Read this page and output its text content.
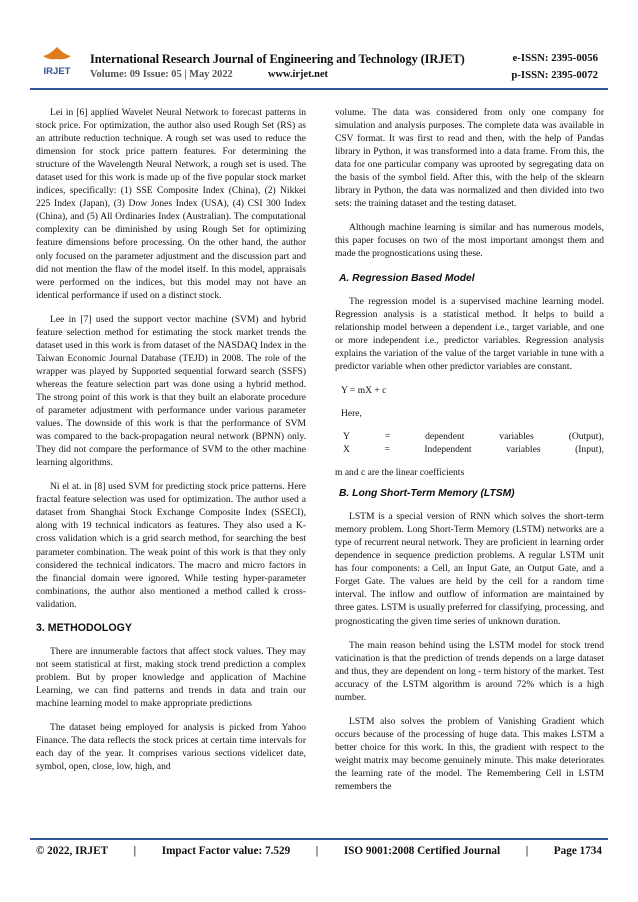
IRJET
International Research Journal of Engineering and Technology (IRJET)
Volume: 09 Issue: 05 | May 2022	www.irjet.net
e-ISSN: 2395-0056
p-ISSN: 2395-0072

Lei in [6] applied Wavelet Neural Network to forecast patterns in stock price. For optimization, the author also used Rough Set (RS) as an attribute reduction technique. A rough set was used to reduce the dimension for stock price pattern features. For determining the structure of the Wavelength Neural Network, a rough set is used. The dataset used for this work is made up of the five popular stock market indices, specifically: (1) SSE Composite Index (China), (2) Nikkei 225 Index (Japan), (3) Dow Jones Index (USA), (4) CSI 300 Index (China), and (5) All Ordinaries Index (Australian). The computational complexity can be diminished by using Rough Set for optimizing feature dimensions before processing. On the other hand, the author only focused on the parameter adjustment and the discussion part and did not mention the flaw of the model itself. In this model, appraisals were performed on the indices, but this model may not have an identical performance if used on a distinct stock.

Lee in [7] used the support vector machine (SVM) and hybrid feature selection method for estimating the stock market trends the dataset used in this work is from dataset of the NASDAQ Index in the Taiwan Economic Journal Database (TEJD) in 2008. The role of the wrapper was played by Supported sequential forward search (SSFS) whereas the feature selection part was done using a hybrid method. The strong point of this work is that they built an elaborate procedure of parameter adjustment with performance under various parameter values. The downside of this work is that the performance of SVM was compared to the back-propagation neural network (BPNN) only. They did not compare the performance of SVM to the other machine learning algorithms.

Ni el at. in [8] used SVM for predicting stock price patterns. Here fractal feature selection was used for optimization. The author used a dataset from Shanghai Stock Exchange Composite Index (SSECI), along with 19 technical indicators as features. They also used a K-cross validation which is a grid search method, for searching the best parameter combination. The weak point of this work is that they only considered the technical indicators. The macro and micro factors in the financial domain were ignored. While testing hyper-parameter combinations, the author also mentioned a method called k cross-validation.

3. METHODOLOGY

There are innumerable factors that affect stock values. They may not seem statistical at first, making stock trend prediction a complex problem. But by proper knowledge and application of Machine Learning, we can find patterns and trends in data and train our machine learning model to make appropriate predictions

The dataset being employed for analysis is picked from Yahoo Finance. The data reflects the stock prices at certain time intervals for each day of the year. It comprises various sections videlicet date, symbol, open, close, low, high, and

volume. The data was considered from only one company for simulation and analysis purposes. The complete data was available in CSV format. It was first to read and then, with the help of Pandas library in Python, it was transformed into a data frame. From this, the data for one particular company was uprooted by segregating data on the basis of the symbol field. After this, with the help of the sklearn library in Python, the data was normalized and then divided into two sets: the training dataset and the testing dataset.

Although machine learning is similar and has numerous models, this paper focuses on two of the most important amongst them and made the prognostications using these.

A. Regression Based Model

The regression model is a supervised machine learning model. Regression analysis is a statistical method. It helps to build a relationship model between a dependent i.e., target variable, and one or more independent i.e., predictor variables. Regression analysis explains the variation of the value of the target variable in tune with a predictor variable when other predictor variables are constant.

Y = mX + c
Here,
Y	=	dependent	variables	(Output),
X	=	Independent	variables	(Input),
m and c are the linear coefficients
B. Long Short-Term Memory (LTSM)

LSTM is a special version of RNN which solves the short-term memory problem. Long Short-Term Memory (LSTM) networks are a type of recurrent neural network. They are proficient in learning order dependence in sequence prediction problems. A regular LSTM unit has four components: a Cell, an Input Gate, an Output Gate, and a Forget Gate. The values are held by the cell for a random time interval. The inflow and outflow of information are maintained by three gates. LSTM is usually preferred for classifying, processing, and prognosticating the given time series of unknown duration.

The main reason behind using the LSTM model for stock trend vaticination is that the prediction of trends depends on a large dataset and thus, they are dependent on long - term history of the market. Test accuracy of the LSTM algorithm is around 72% which is a high number.

LSTM also solves the problem of Vanishing Gradient which occurs because of the processing of huge data. This makes LSTM a better choice for this work. In this, the gradient with respect to the weight matrix may become genuinely minute. This make deteriorates the learning rate of the model. The Remembering Cell in LSTM remembers the

© 2022, IRJET | Impact Factor value: 7.529 | ISO 9001:2008 Certified Journal | Page 1734
